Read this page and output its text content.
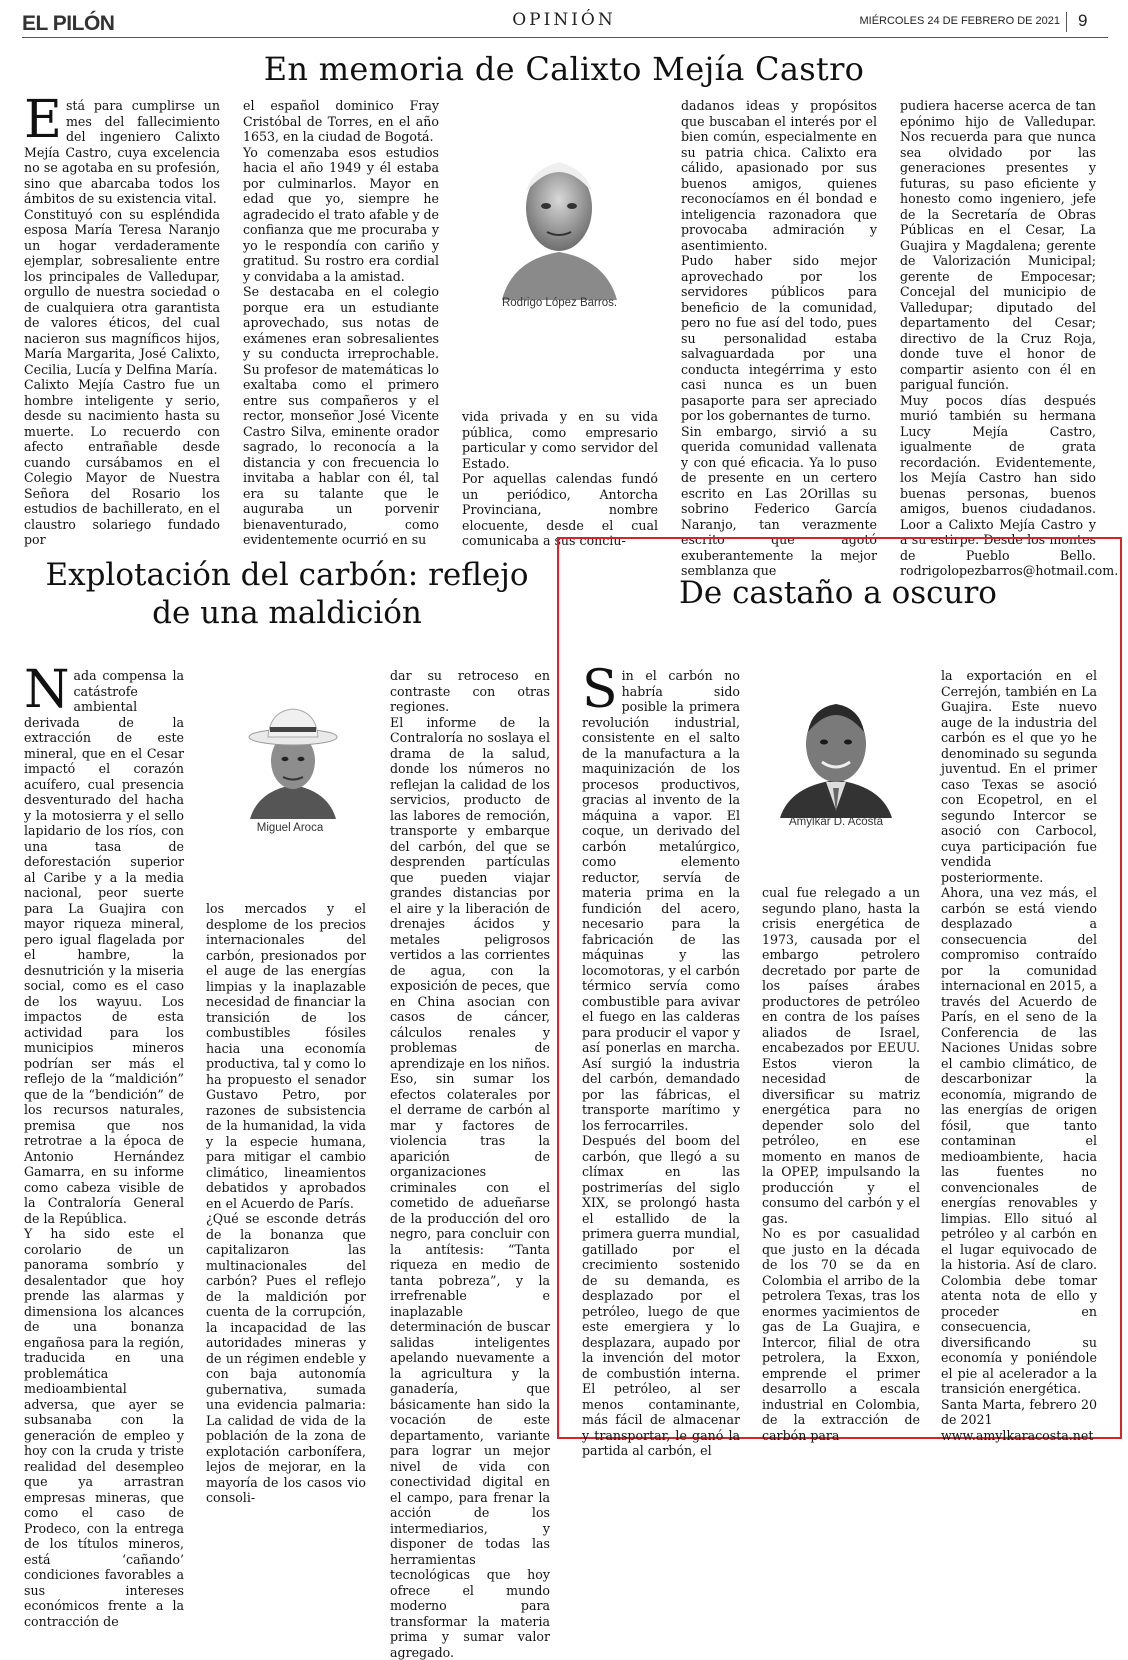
EL PILÓN	OPINIÓN	MIÉRCOLES 24 DE FEBRERO DE 2021 9
En memoria de Calixto Mejía Castro
Está para cumplirse un mes del fallecimiento del ingeniero Calixto Mejía Castro, cuya excelencia no se agotaba en su profesión, sino que abarcaba todos los ámbitos de su existencia vital.
Constituyó con su espléndida esposa María Teresa Naranjo un hogar verdaderamente ejemplar, sobresaliente entre los principales de Valledupar, orgullo de nuestra sociedad o de cualquiera otra garantista de valores éticos, del cual nacieron sus magníficos hijos, María Margarita, José Calixto, Cecilia, Lucía y Delfina María.
Calixto Mejía Castro fue un hombre inteligente y serio, desde su nacimiento hasta su muerte. Lo recuerdo con afecto entrañable desde cuando cursábamos en el Colegio Mayor de Nuestra Señora del Rosario los estudios de bachillerato, en el claustro solariego fundado por
el español dominico Fray Cristóbal de Torres, en el año 1653, en la ciudad de Bogotá.
Yo comenzaba esos estudios hacia el año 1949 y él estaba por culminarlos. Mayor en edad que yo, siempre he agradecido el trato afable y de confianza que me procuraba y yo le respondía con cariño y gratitud. Su rostro era cordial y convidaba a la amistad.
Se destacaba en el colegio porque era un estudiante aprovechado, sus notas de exámenes eran sobresalientes y su conducta irreprochable. Su profesor de matemáticas lo exaltaba como el primero entre sus compañeros y el rector, monseñor José Vicente Castro Silva, eminente orador sagrado, lo reconocía a la distancia y con frecuencia lo invitaba a hablar con él, tal era su talante que le auguraba un porvenir bienaventurado, como evidentemente ocurrió en su
Rodrigo López Barros.
vida privada y en su vida pública, como empresario particular y como servidor del Estado.
Por aquellas calendas fundó un periódico, Antorcha Provinciana, nombre elocuente, desde el cual comunicaba a sus conciu-
dadanos ideas y propósitos que buscaban el interés por el bien común, especialmente en su patria chica. Calixto era cálido, apasionado por sus buenos amigos, quienes reconocíamos en él bondad e inteligencia razonadora que provocaba admiración y asentimiento.
Pudo haber sido mejor aprovechado por los servidores públicos para beneficio de la comunidad, pero no fue así del todo, pues su personalidad estaba salvaguardada por una conducta integérrima y esto casi nunca es un buen pasaporte para ser apreciado por los gobernantes de turno.
Sin embargo, sirvió a su querida comunidad vallenata y con qué eficacia. Ya lo puso de presente en un certero escrito en Las 2Orillas su sobrino Federico García Naranjo, tan verazmente escrito que agotó exuberantemente la mejor semblanza que
pudiera hacerse acerca de tan epónimo hijo de Valledupar. Nos recuerda para que nunca sea olvidado por las generaciones presentes y futuras, su paso eficiente y honesto como ingeniero, jefe de la Secretaría de Obras Públicas en el Cesar, La Guajira y Magdalena; gerente de Valorización Municipal; gerente de Empocesar; Concejal del municipio de Valledupar; diputado del departamento del Cesar; directivo de la Cruz Roja, donde tuve el honor de compartir asiento con él en parigual función.
Muy pocos días después murió también su hermana Lucy Mejía Castro, igualmente de grata recordación. Evidentemente, los Mejía Castro han sido buenas personas, buenos amigos, buenos ciudadanos. Loor a Calixto Mejía Castro y a su estirpe. Desde los montes de Pueblo Bello. rodrigolopezbarros@hotmail.com.
Explotación del carbón: reflejo de una maldición
Nada compensa la catástrofe ambiental derivada de la extracción de este mineral, que en el Cesar impactó el corazón acuífero, cual presencia desventurado del hacha y la motosierra y el sello lapidario de los ríos, con una tasa de deforestación superior al Caribe y a la media nacional, peor suerte para La Guajira con mayor riqueza mineral, pero igual flagelada por el hambre, la desnutrición y la miseria social, como es el caso de los wayuu. Los impactos de esta actividad para los municipios mineros podrían ser más el reflejo de la “maldición” que de la “bendición” de los recursos naturales, premisa que nos retrotrae a la época de Antonio Hernández Gamarra, en su informe como cabeza visible de la Contraloría General de la República.
Y ha sido este el corolario de un panorama sombrío y desalentador que hoy prende las alarmas y dimensiona los alcances de una bonanza engañosa para la región, traducida en una problemática medioambiental adversa, que ayer se subsanaba con la generación de empleo y hoy con la cruda y triste realidad del desempleo que ya arrastran empresas mineras, que como el caso de Prodeco, con la entrega de los títulos mineros, está ‘cañando’ condiciones favorables a sus intereses económicos frente a la contracción de
Miguel Aroca
los mercados y el desplome de los precios internacionales del carbón, presionados por el auge de las energías limpias y la inaplazable necesidad de financiar la transición de los combustibles fósiles hacia una economía productiva, tal y como lo ha propuesto el senador Gustavo Petro, por razones de subsistencia de la humanidad, la vida y la especie humana, para mitigar el cambio climático, lineamientos debatidos y aprobados en el Acuerdo de París.
¿Qué se esconde detrás de la bonanza que capitalizaron las multinacionales del carbón? Pues el reflejo de la maldición por cuenta de la corrupción, la incapacidad de las autoridades mineras y de un régimen endeble y con baja autonomía gubernativa, sumada una evidencia palmaria: La calidad de vida de la población de la zona de explotación carbonífera, lejos de mejorar, en la mayoría de los casos vio consoli-
dar su retroceso en contraste con otras regiones.
El informe de la Contraloría no soslaya el drama de la salud, donde los números no reflejan la calidad de los servicios, producto de las labores de remoción, transporte y embarque del carbón, del que se desprenden partículas que pueden viajar grandes distancias por el aire y la liberación de drenajes ácidos y metales peligrosos vertidos a las corrientes de agua, con la exposición de peces, que en China asocian con casos de cáncer, cálculos renales y problemas de aprendizaje en los niños. Eso, sin sumar los efectos colaterales por el derrame de carbón al mar y factores de violencia tras la aparición de organizaciones criminales con el cometido de adueñarse de la producción del oro negro, para concluir con la antítesis: “Tanta riqueza en medio de tanta pobreza”, y la irrefrenable e inaplazable determinación de buscar salidas inteligentes apelando nuevamente a la agricultura y la ganadería, que básicamente han sido la vocación de este departamento, variante para lograr un mejor nivel de vida con conectividad digital en el campo, para frenar la acción de los intermediarios, y disponer de todas las herramientas tecnológicas que hoy ofrece el mundo moderno para transformar la materia prima y sumar valor agregado.
De castaño a oscuro
Sin el carbón no habría sido posible la primera revolución industrial, consistente en el salto de la manufactura a la maquinización de los procesos productivos, gracias al invento de la máquina a vapor. El coque, un derivado del carbón metalúrgico, como elemento reductor, servía de materia prima en la fundición del acero, necesario para la fabricación de las máquinas y las locomotoras, y el carbón térmico servía como combustible para avivar el fuego en las calderas para producir el vapor y así ponerlas en marcha. Así surgió la industria del carbón, demandado por las fábricas, el transporte marítimo y los ferrocarriles.
Después del boom del carbón, que llegó a su clímax en las postrimerías del siglo XIX, se prolongó hasta el estallido de la primera guerra mundial, gatillado por el crecimiento sostenido de su demanda, es desplazado por el petróleo, luego de que este emergiera y lo desplazara, aupado por la invención del motor de combustión interna. El petróleo, al ser menos contaminante, más fácil de almacenar y transportar, le ganó la partida al carbón, el
Amylkar D. Acosta
cual fue relegado a un segundo plano, hasta la crisis energética de 1973, causada por el embargo petrolero decretado por parte de los países árabes productores de petróleo en contra de los países aliados de Israel, encabezados por EEUU. Estos vieron la necesidad de diversificar su matriz energética para no depender solo del petróleo, en ese momento en manos de la OPEP, impulsando la producción y el consumo del carbón y el gas.
No es por casualidad que justo en la década de los 70 se da en Colombia el arribo de la petrolera Texas, tras los enormes yacimientos de gas de La Guajira, e Intercor, filial de otra petrolera, la Exxon, emprende el primer desarrollo a escala industrial en Colombia, de la extracción de carbón para
la exportación en el Cerrejón, también en La Guajira. Este nuevo auge de la industria del carbón es el que yo he denominado su segunda juventud. En el primer caso Texas se asoció con Ecopetrol, en el segundo Intercor se asoció con Carbocol, cuya participación fue vendida posteriormente.
Ahora, una vez más, el carbón se está viendo desplazado a consecuencia del compromiso contraído por la comunidad internacional en 2015, a través del Acuerdo de París, en el seno de la Conferencia de las Naciones Unidas sobre el cambio climático, de descarbonizar la economía, migrando de las energías de origen fósil, que tanto contaminan el medioambiente, hacia las fuentes no convencionales de energías renovables y limpias. Ello situó al petróleo y al carbón en el lugar equivocado de la historia. Así de claro. Colombia debe tomar atenta nota de ello y proceder en consecuencia, diversificando su economía y poniéndole el pie al acelerador a la transición energética.
Santa Marta, febrero 20 de 2021
www.amylkaracosta.net
